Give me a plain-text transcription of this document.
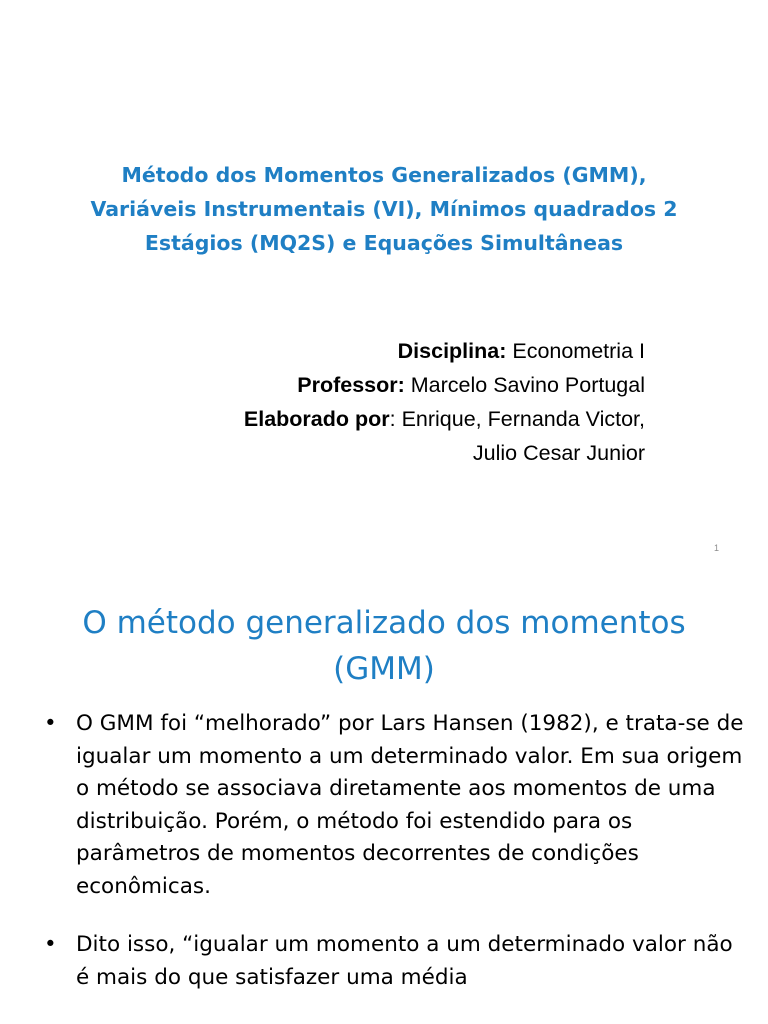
Método dos Momentos Generalizados (GMM),
Variáveis Instrumentais (VI), Mínimos quadrados 2
Estágios (MQ2S) e Equações Simultâneas
Disciplina: Econometria I
Professor: Marcelo Savino Portugal
Elaborado por: Enrique, Fernanda Victor,
Julio Cesar Junior
1
O método generalizado dos momentos
(GMM)
• O GMM foi “melhorado” por Lars Hansen (1982), e trata-se de igualar um momento a um determinado valor. Em sua origem o método se associava diretamente aos momentos de uma distribuição. Porém, o método foi estendido para os parâmetros de momentos decorrentes de condições econômicas.
• Dito isso, “igualar um momento a um determinado valor não é mais do que satisfazer uma média
